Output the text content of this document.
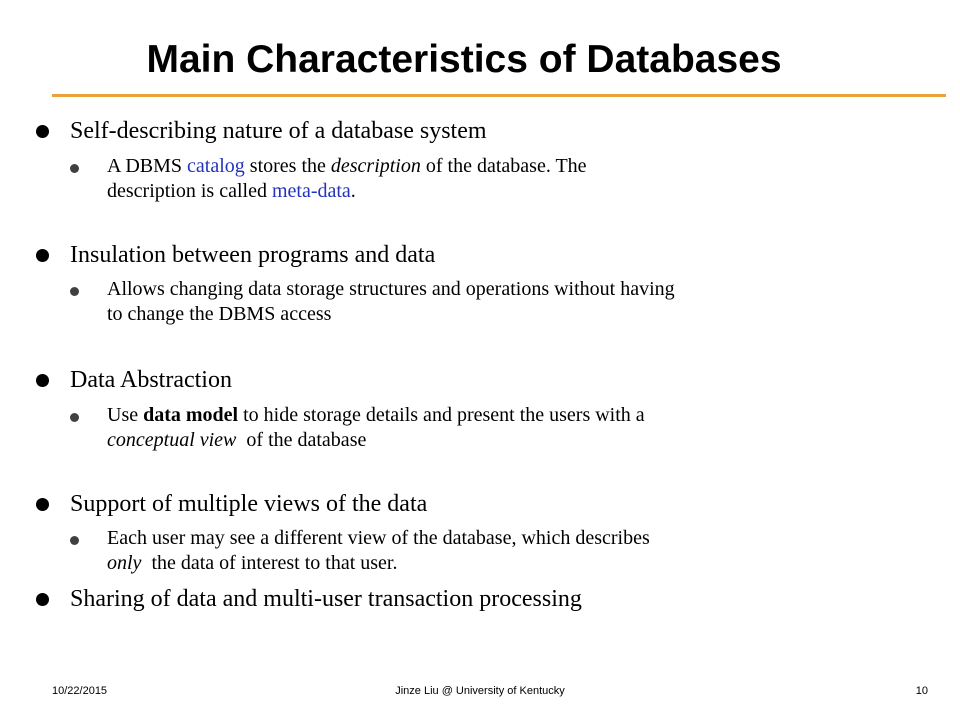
Main Characteristics of Databases
Self-describing nature of a database system
A DBMS catalog stores the description of the database. The
description is called meta-data.
Insulation between programs and data
Allows changing data storage structures and operations without having
to change the DBMS access
Data Abstraction
Use data model to hide storage details and present the users with a
conceptual view of the database
Support of multiple views of the data
Each user may see a different view of the database, which describes
only the data of interest to that user.
Sharing of data and multi-user transaction processing
10/22/2015	Jinze Liu @ University of Kentucky	10
